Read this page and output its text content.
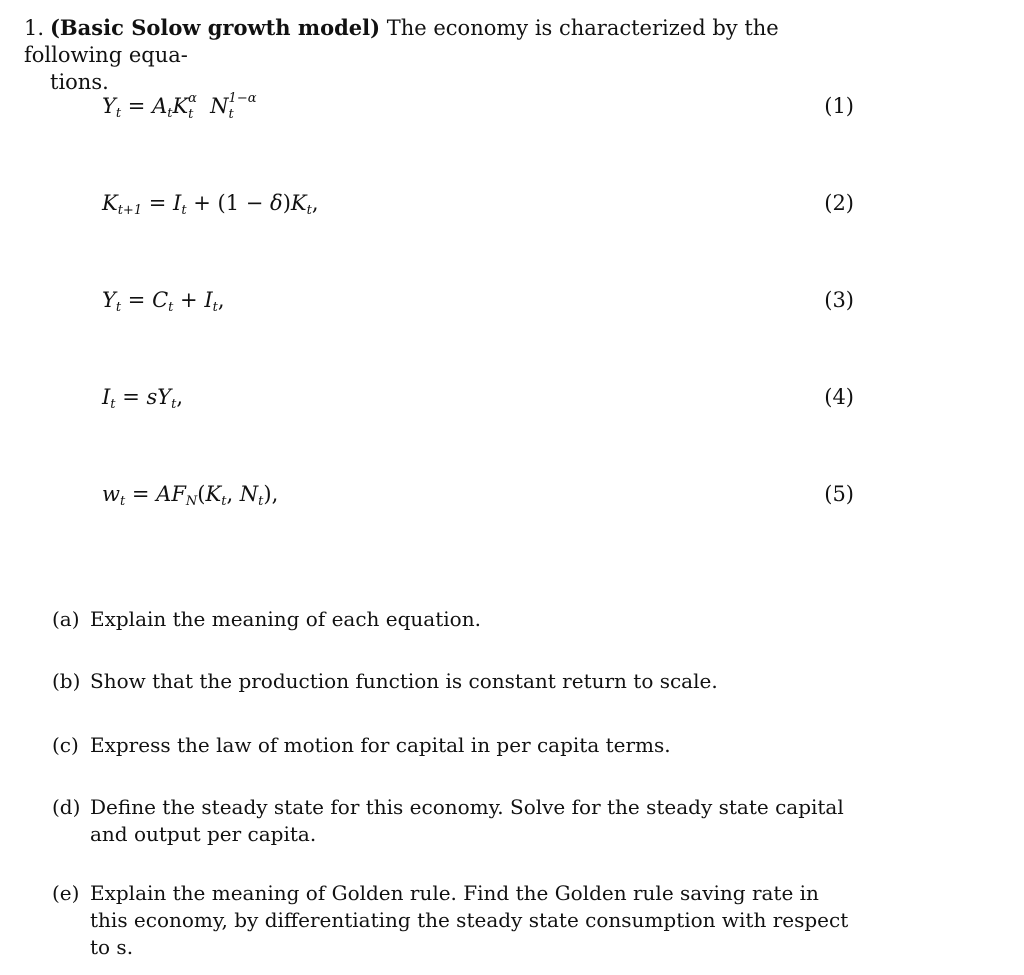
1. (Basic Solow growth model) The economy is characterized by the following equa-
tions.
$Y_t = A_tK$ α
t N 1−α
t	(1)
$K_{t+1} = I_t + (1 - \delta)K_t$,	(2)
$Y_t = C_t + I_t$,	(3)
$I_t = sY_t$,	(4)
$w_t = AF_N(K_t$, $N_t$),	(5)
(a) Explain the meaning of each equation.
(b) Show that the production function is constant return to scale.
(c) Express the law of motion for capital in per capita terms.
(d) Define the steady state for this economy. Solve for the steady state capital and output per capita.
(e) Explain the meaning of Golden rule. Find the Golden rule saving rate in this economy, by differentiating the steady state consumption with respect to s.
